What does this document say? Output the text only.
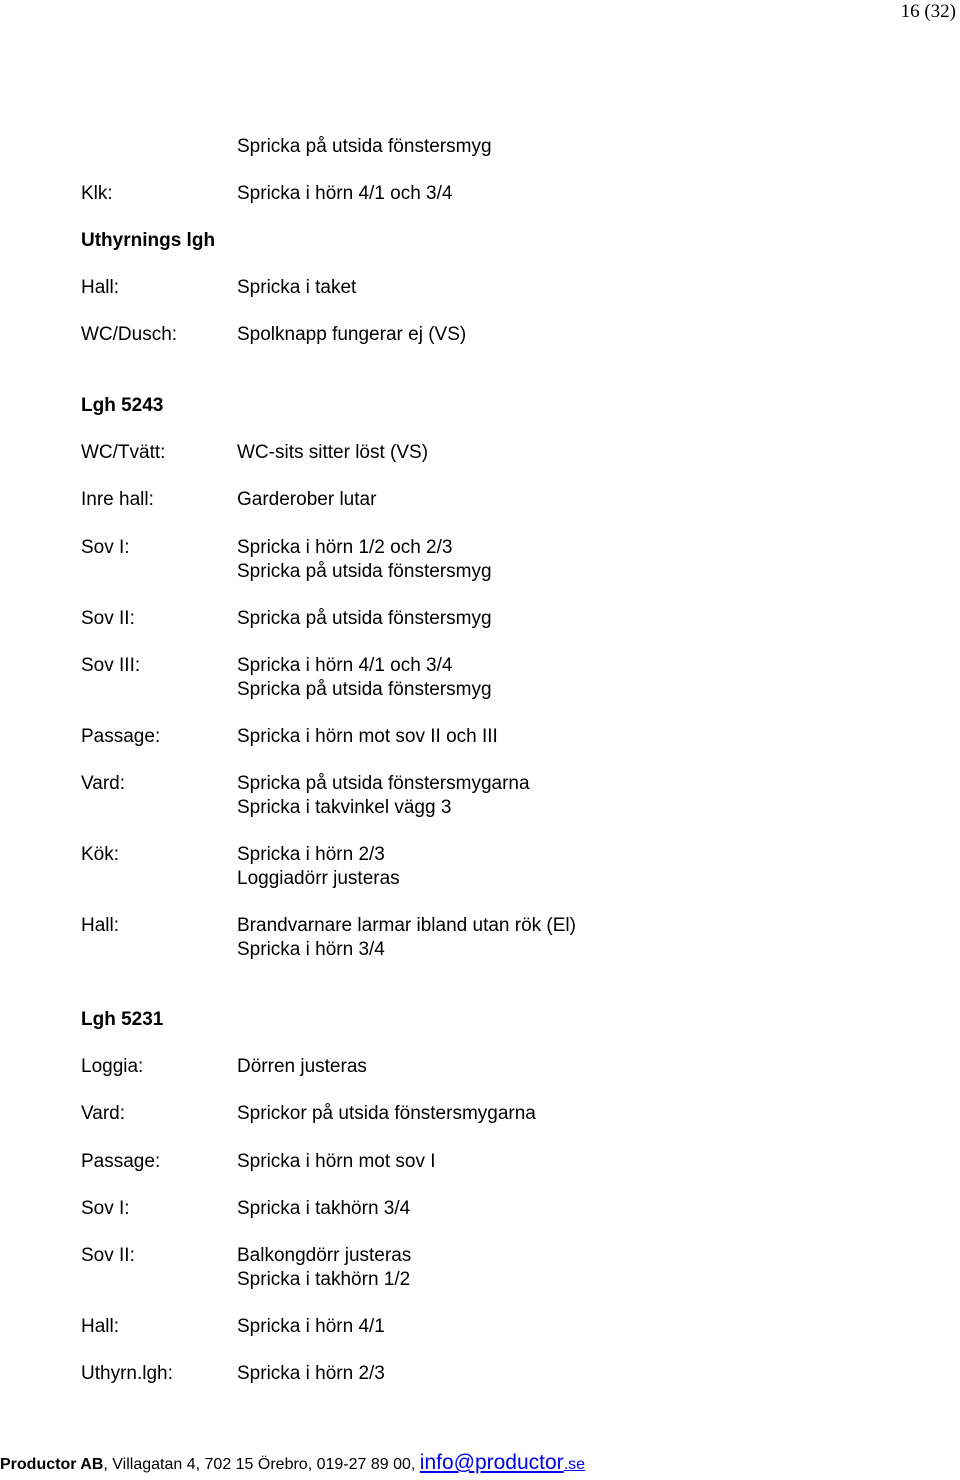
16 (32)
Spricka på utsida fönstersmyg
Klk:	Spricka i hörn 4/1 och 3/4
Uthyrnings lgh
Hall:	Spricka i taket
WC/Dusch:	Spolknapp fungerar ej (VS)
Lgh 5243
WC/Tvätt:	WC-sits sitter löst (VS)
Inre hall:	Garderober lutar
Sov I:	Spricka i hörn 1/2 och 2/3
Spricka på utsida fönstersmyg
Sov II:	Spricka på utsida fönstersmyg
Sov III:	Spricka i hörn 4/1 och 3/4
Spricka på utsida fönstersmyg
Passage:	Spricka i hörn mot sov II och III
Vard:	Spricka på utsida fönstersmygarna
Spricka i takvinkel vägg 3
Kök:	Spricka i hörn 2/3
Loggiadörr justeras
Hall:	Brandvarnare larmar ibland utan rök (El)
Spricka i hörn 3/4
Lgh 5231
Loggia:	Dörren justeras
Vard:	Sprickor på utsida fönstersmygarna
Passage:	Spricka i hörn mot sov I
Sov I:	Spricka i takhörn 3/4
Sov II:	Balkongdörr justeras
Spricka i takhörn 1/2
Hall:	Spricka i hörn 4/1
Uthyrn.lgh:	Spricka i hörn 2/3
Productor AB, Villagatan 4, 702 15 Örebro, 019-27 89 00, info@productor.se
